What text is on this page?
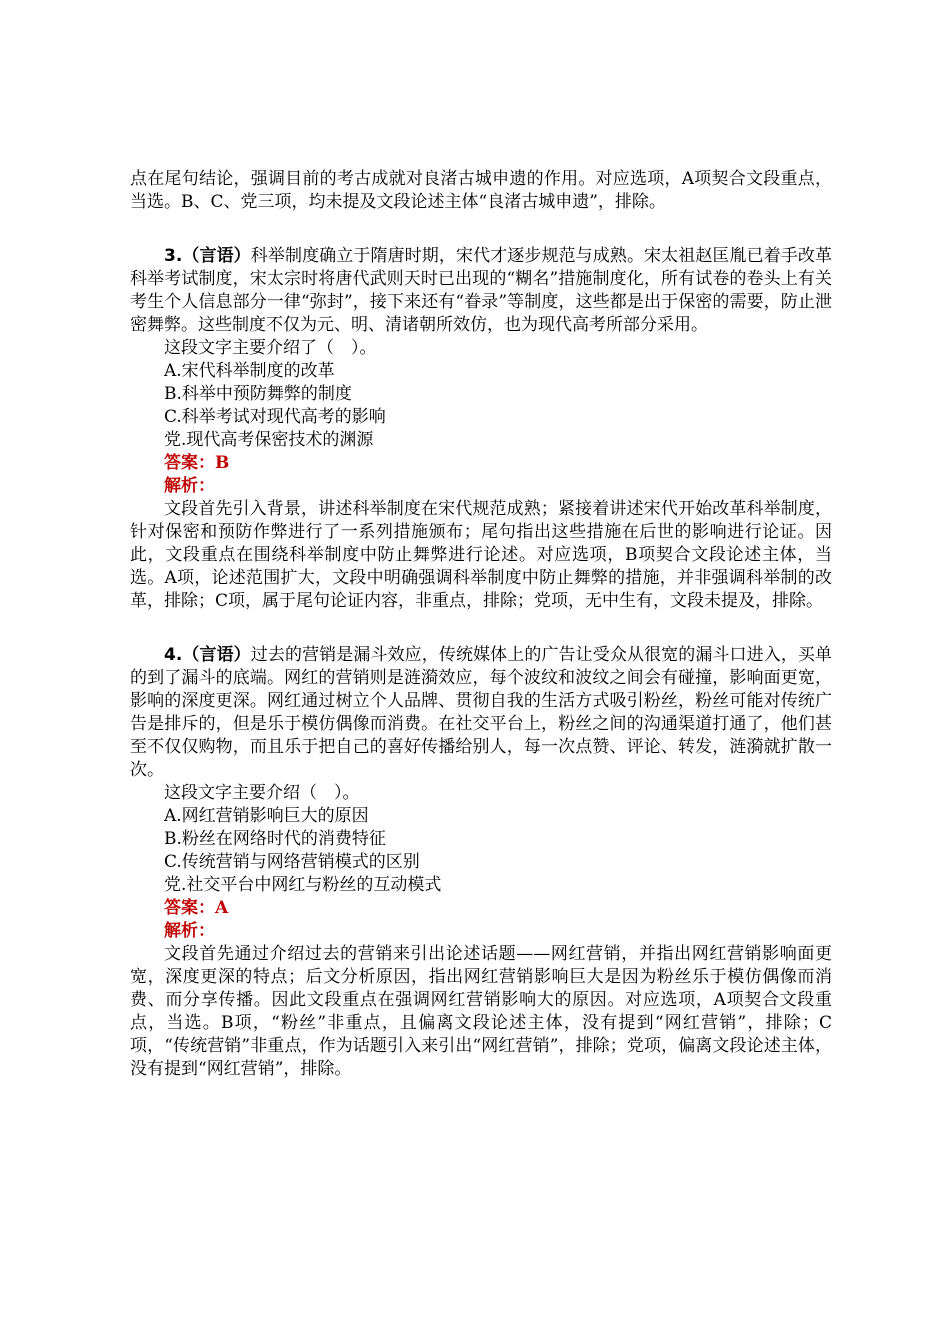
点在尾句结论，强调目前的考古成就对良渚古城申遗的作用。对应选项，A项契合文段重点，当选。B、C、党三项，均未提及文段论述主体“良渚古城申遗”，排除。

3.（言语）科举制度确立于隋唐时期，宋代才逐步规范与成熟。宋太祖赵匡胤已着手改革科举考试制度，宋太宗时将唐代武则天时已出现的“糊名”措施制度化，所有试卷的卷头上有关考生个人信息部分一律“弥封”，接下来还有“眷录”等制度，这些都是出于保密的需要，防止泄密舞弊。这些制度不仅为元、明、清诸朝所效仿，也为现代高考所部分采用。

这段文字主要介绍了（　）。

A.宋代科举制度的改革

B.科举中预防舞弊的制度

C.科举考试对现代高考的影响

党.现代高考保密技术的渊源

答案：B

解析：

文段首先引入背景，讲述科举制度在宋代规范成熟；紧接着讲述宋代开始改革科举制度，针对保密和预防作弊进行了一系列措施颁布；尾句指出这些措施在后世的影响进行论证。因此，文段重点在围绕科举制度中防止舞弊进行论述。对应选项，B项契合文段论述主体，当选。A项，论述范围扩大，文段中明确强调科举制度中防止舞弊的措施，并非强调科举制的改革，排除；C项，属于尾句论证内容，非重点，排除；党项，无中生有，文段未提及，排除。

4.（言语）过去的营销是漏斗效应，传统媒体上的广告让受众从很宽的漏斗口进入，买单的到了漏斗的底端。网红的营销则是涟漪效应，每个波纹和波纹之间会有碰撞，影响面更宽，影响的深度更深。网红通过树立个人品牌、贯彻自我的生活方式吸引粉丝，粉丝可能对传统广告是排斥的，但是乐于模仿偶像而消费。在社交平台上，粉丝之间的沟通渠道打通了，他们甚至不仅仅购物，而且乐于把自己的喜好传播给别人，每一次点赞、评论、转发，涟漪就扩散一次。

这段文字主要介绍（　）。

A.网红营销影响巨大的原因

B.粉丝在网络时代的消费特征

C.传统营销与网络营销模式的区别

党.社交平台中网红与粉丝的互动模式

答案：A

解析：

文段首先通过介绍过去的营销来引出论述话题——网红营销，并指出网红营销影响面更宽，深度更深的特点；后文分析原因，指出网红营销影响巨大是因为粉丝乐于模仿偶像而消费、而分享传播。因此文段重点在强调网红营销影响大的原因。对应选项，A项契合文段重点，当选。B项，“粉丝”非重点，且偏离文段论述主体，没有提到“网红营销”，排除；C项，“传统营销”非重点，作为话题引入来引出“网红营销”，排除；党项，偏离文段论述主体，没有提到“网红营销”，排除。
